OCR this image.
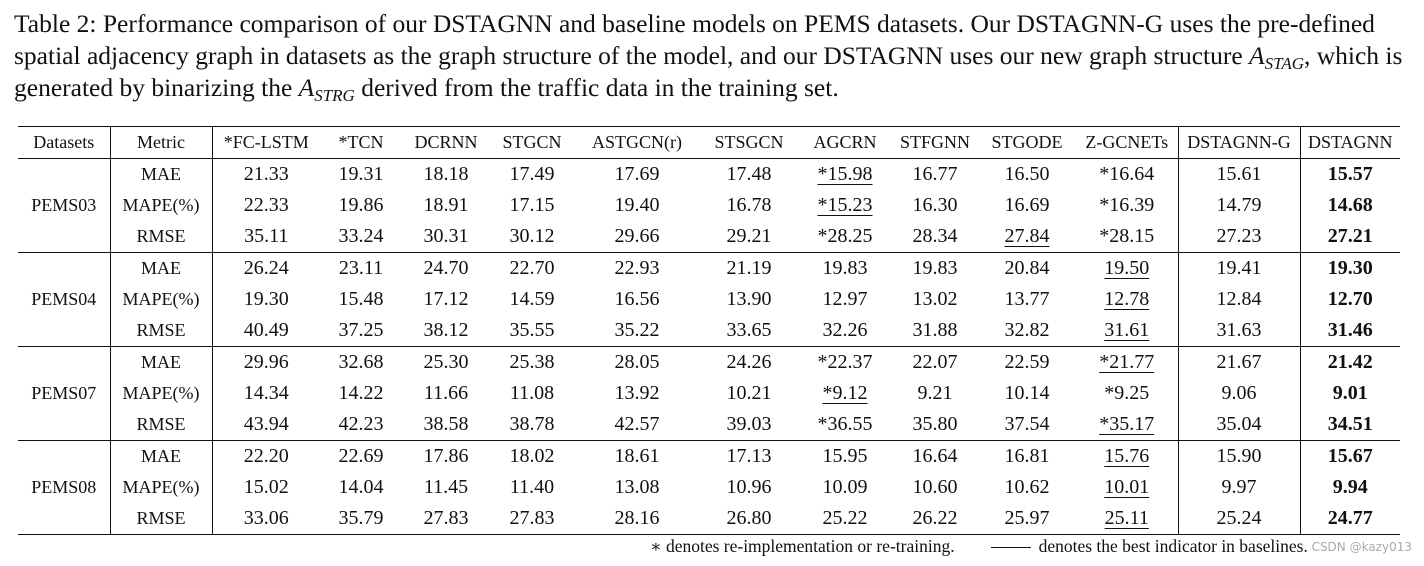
Table 2: Performance comparison of our DSTAGNN and baseline models on PEMS datasets. Our DSTAGNN-G uses the pre-defined spatial adjacency graph in datasets as the graph structure of the model, and our DSTAGNN uses our new graph structure $A_{STAG}$, which is generated by binarizing the $A_{STRG}$ derived from the traffic data in the training set.

Datasets	Metric	*FC-LSTM	*TCN	DCRNN	STGCN	ASTGCN(r)	STSGCN	AGCRN	STFGNN	STGODE	Z-GCNETs	DSTAGNN-G	DSTAGNN
PEMS03	MAE	21.33	19.31	18.18	17.49	17.69	17.48	*15.98	16.77	16.50	*16.64	15.61	15.57
	MAPE(%)	22.33	19.86	18.91	17.15	19.40	16.78	*15.23	16.30	16.69	*16.39	14.79	14.68
	RMSE	35.11	33.24	30.31	30.12	29.66	29.21	*28.25	28.34	27.84	*28.15	27.23	27.21
PEMS04	MAE	26.24	23.11	24.70	22.70	22.93	21.19	19.83	19.83	20.84	19.50	19.41	19.30
	MAPE(%)	19.30	15.48	17.12	14.59	16.56	13.90	12.97	13.02	13.77	12.78	12.84	12.70
	RMSE	40.49	37.25	38.12	35.55	35.22	33.65	32.26	31.88	32.82	31.61	31.63	31.46
PEMS07	MAE	29.96	32.68	25.30	25.38	28.05	24.26	*22.37	22.07	22.59	*21.77	21.67	21.42
	MAPE(%)	14.34	14.22	11.66	11.08	13.92	10.21	*9.12	9.21	10.14	*9.25	9.06	9.01
	RMSE	43.94	42.23	38.58	38.78	42.57	39.03	*36.55	35.80	37.54	*35.17	35.04	34.51
PEMS08	MAE	22.20	22.69	17.86	18.02	18.61	17.13	15.95	16.64	16.81	15.76	15.90	15.67
	MAPE(%)	15.02	14.04	11.45	11.40	13.08	10.96	10.09	10.60	10.62	10.01	9.97	9.94
	RMSE	33.06	35.79	27.83	27.83	28.16	26.80	25.22	26.22	25.97	25.11	25.24	24.77
∗ denotes re-implementation or re-training.	denotes the best indicator in baselines. CSDN @kazy013
